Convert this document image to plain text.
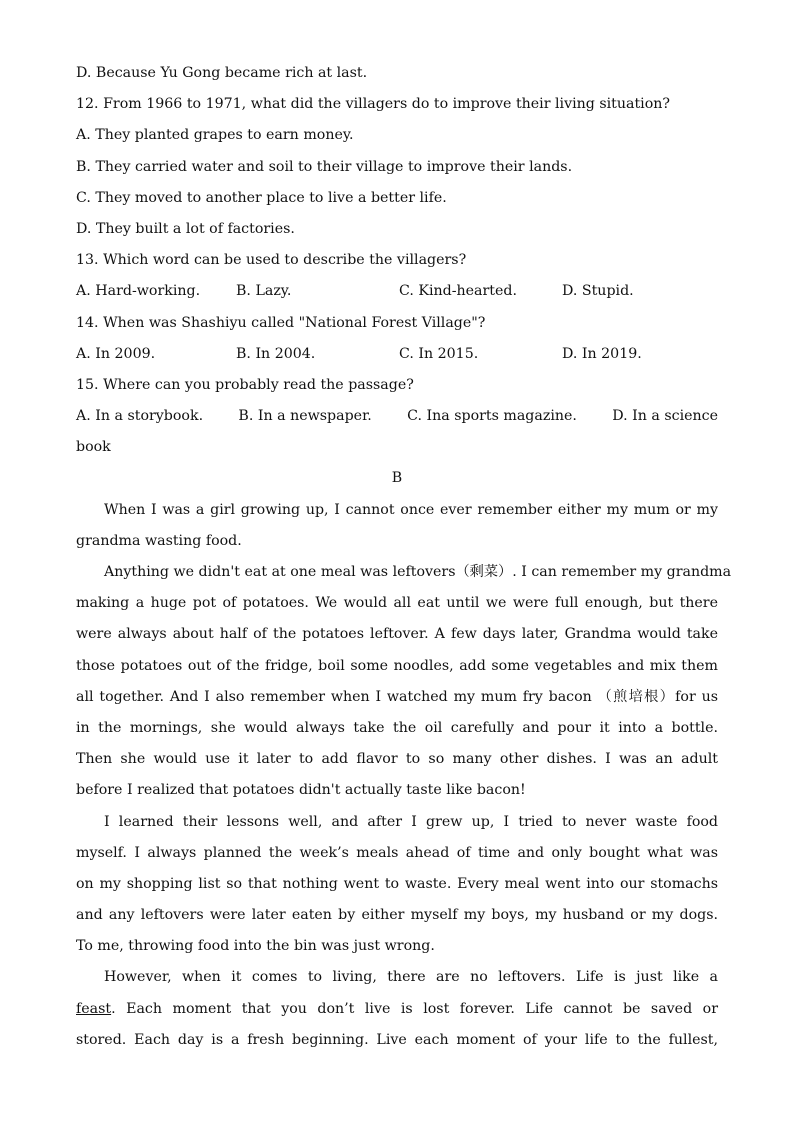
D. Because Yu Gong became rich at last.
12. From 1966 to 1971, what did the villagers do to improve their living situation?
A. They planted grapes to earn money.
B. They carried water and soil to their village to improve their lands.
C. They moved to another place to live a better life.
D. They built a lot of factories.
13. Which word can be used to describe the villagers?
A. Hard-working.	B. Lazy.	C. Kind-hearted.	D. Stupid.
14. When was Shashiyu called "National Forest Village"?
A. In 2009.	B. In 2004.	C. In 2015.	D. In 2019.
15. Where can you probably read the passage?
A. In a storybook. B. In a newspaper. C. Ina sports magazine. D. In a science
book
B
When I was a girl growing up, I cannot once ever remember either my mum or my
grandma wasting food.
Anything we didn't eat at one meal was leftovers（剩菜）. I can remember my grandma
making a huge pot of potatoes. We would all eat until we were full enough, but there
were always about half of the potatoes leftover. A few days later, Grandma would take
those potatoes out of the fridge, boil some noodles, add some vegetables and mix them
all together. And I also remember when I watched my mum fry bacon （煎培根）for us
in the mornings, she would always take the oil carefully and pour it into a bottle.
Then she would use it later to add flavor to so many other dishes. I was an adult
before I realized that potatoes didn't actually taste like bacon!
I learned their lessons well, and after I grew up, I tried to never waste food
myself. I always planned the week’s meals ahead of time and only bought what was
on my shopping list so that nothing went to waste. Every meal went into our stomachs
and any leftovers were later eaten by either myself my boys, my husband or my dogs.
To me, throwing food into the bin was just wrong.
However, when it comes to living, there are no leftovers. Life is just like a
feast. Each moment that you don’t live is lost forever. Life cannot be saved or
stored. Each day is a fresh beginning. Live each moment of your life to the fullest,
